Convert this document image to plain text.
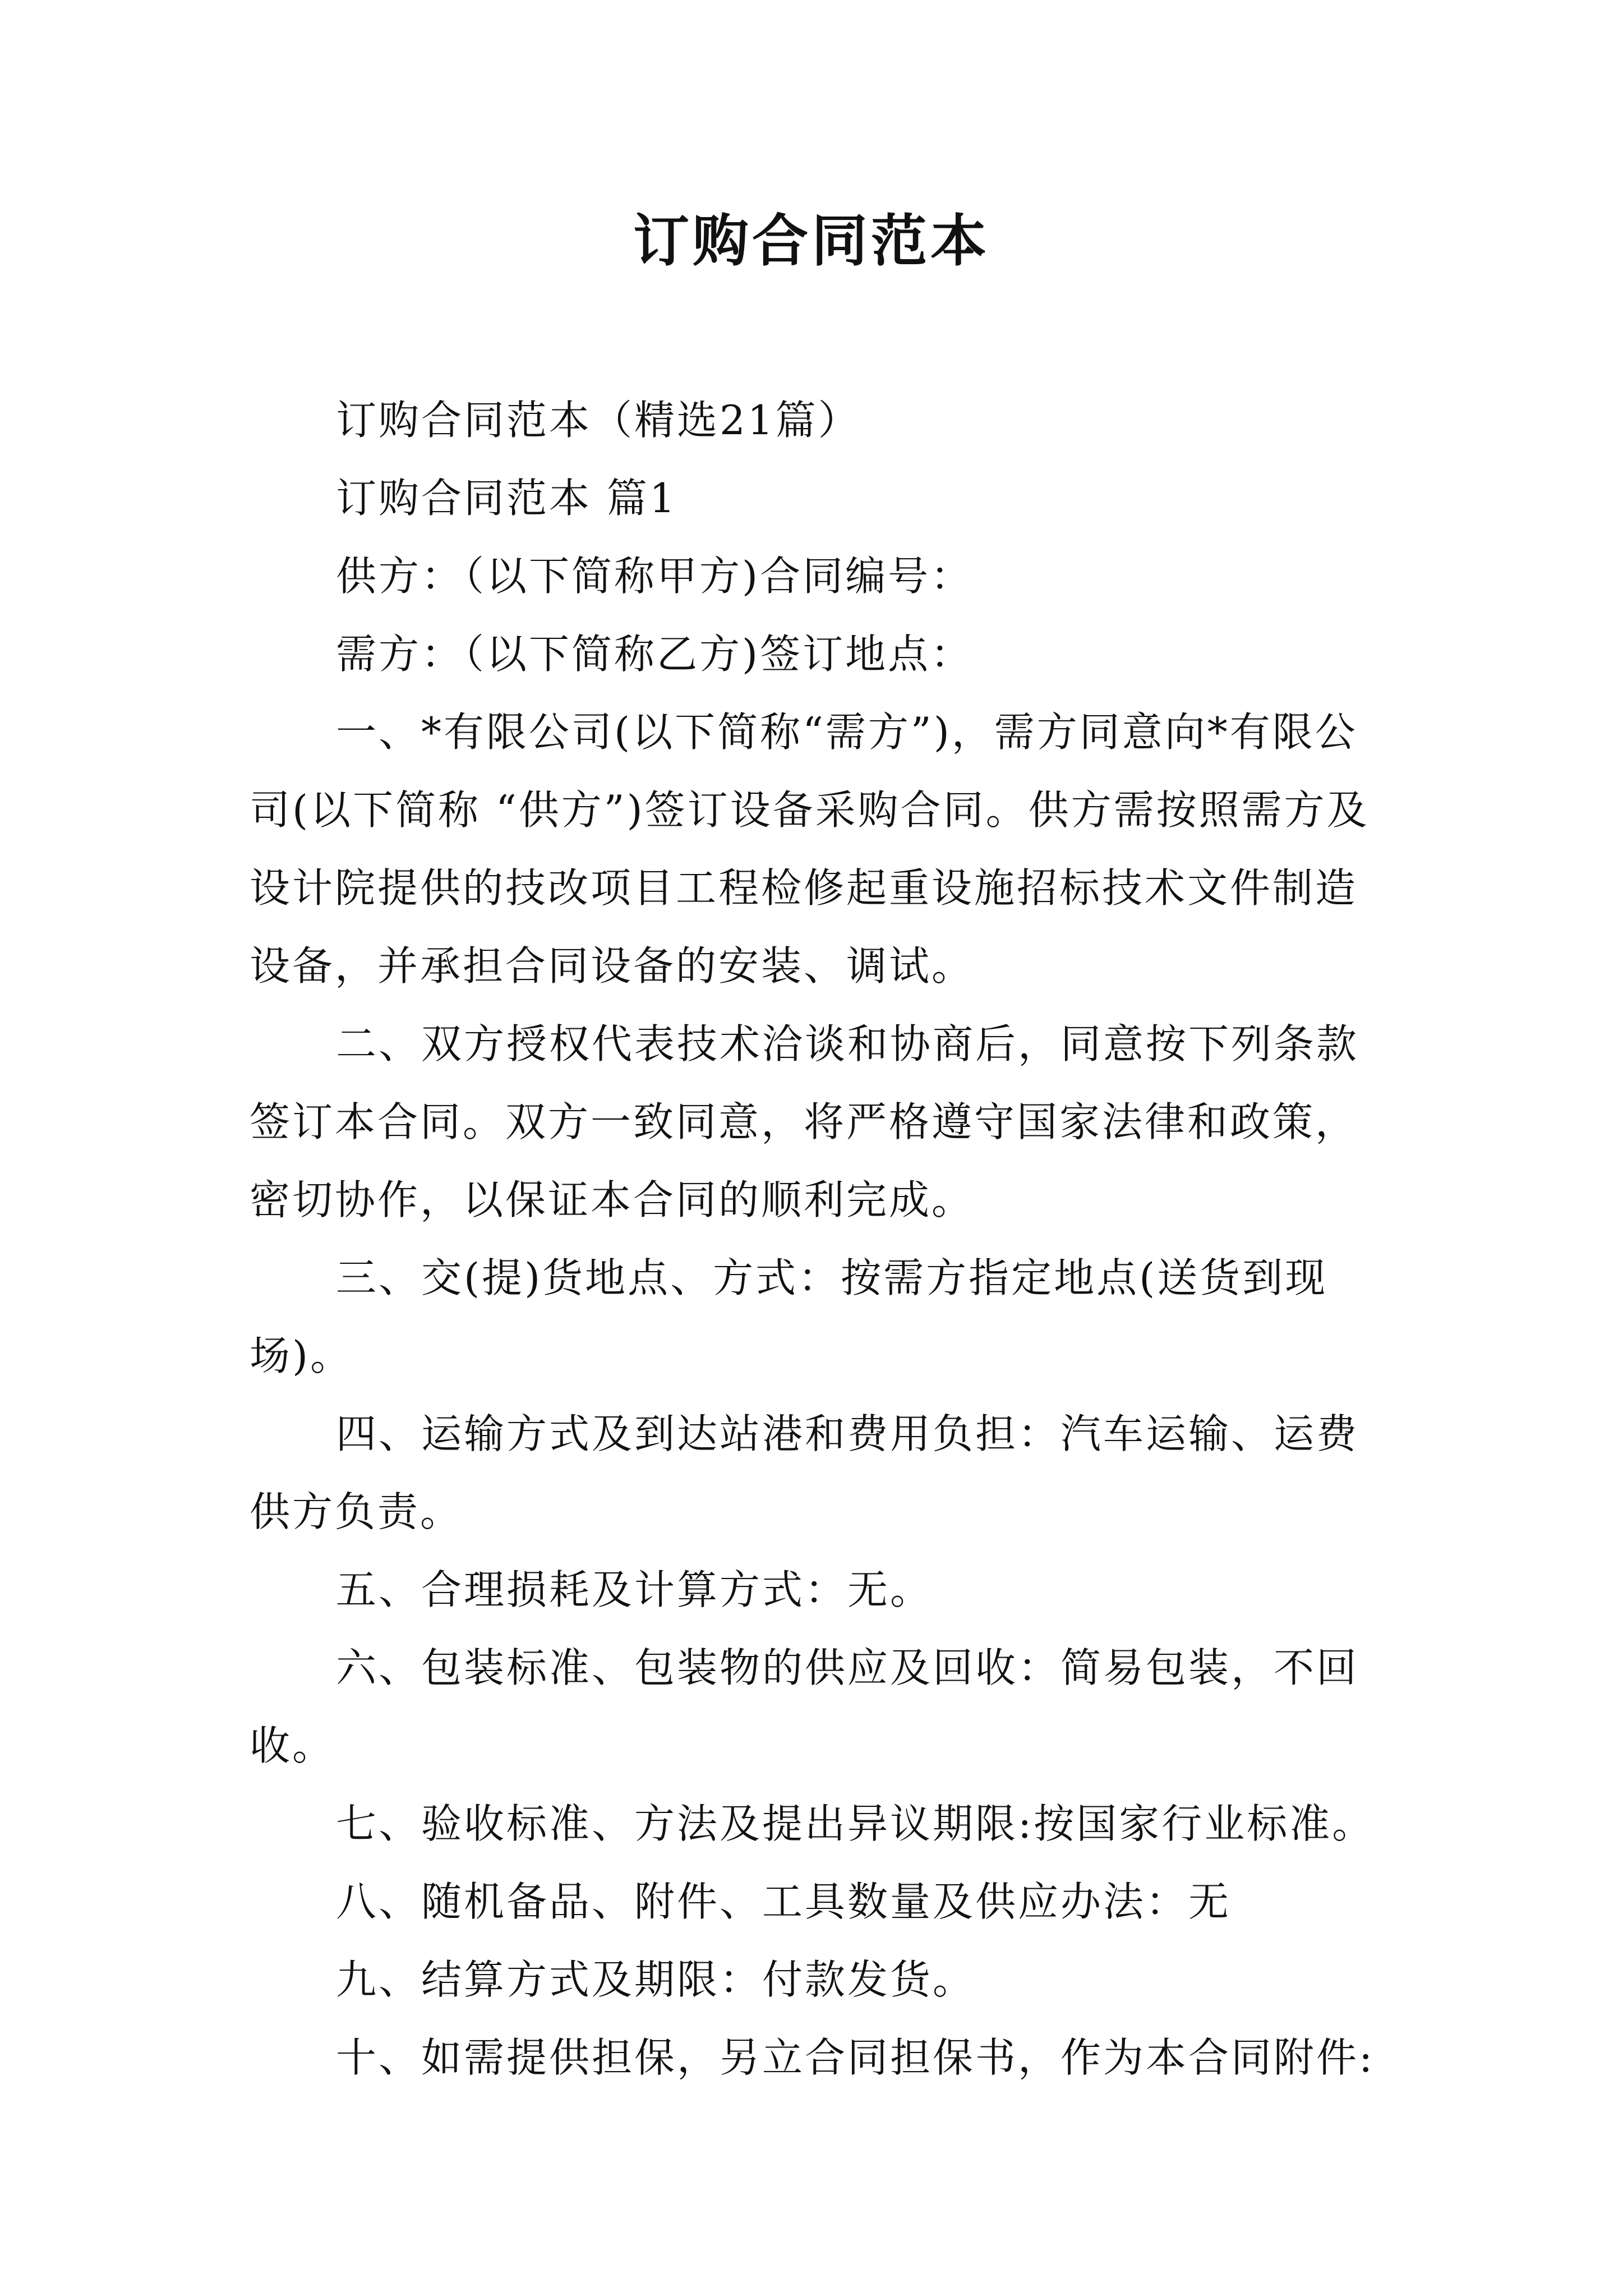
订购合同范本

订购合同范本（精选21篇）

订购合同范本 篇1

供方：（以下简称甲方)合同编号：

需方：（以下简称乙方)签订地点：

一、*有限公司(以下简称“需方”)，需方同意向*有限公司(以下简称 “供方”)签订设备采购合同。供方需按照需方及设计院提供的技改项目工程检修起重设施招标技术文件制造设备，并承担合同设备的安装、调试。

二、双方授权代表技术洽谈和协商后，同意按下列条款签订本合同。双方一致同意，将严格遵守国家法律和政策，密切协作，以保证本合同的顺利完成。

三、交(提)货地点、方式：按需方指定地点(送货到现场)。

四、运输方式及到达站港和费用负担：汽车运输、运费供方负责。

五、合理损耗及计算方式：无。

六、包装标准、包装物的供应及回收：简易包装，不回收。

七、验收标准、方法及提出异议期限:按国家行业标准。

八、随机备品、附件、工具数量及供应办法：无

九、结算方式及期限：付款发货。

十、如需提供担保，另立合同担保书，作为本合同附件:
